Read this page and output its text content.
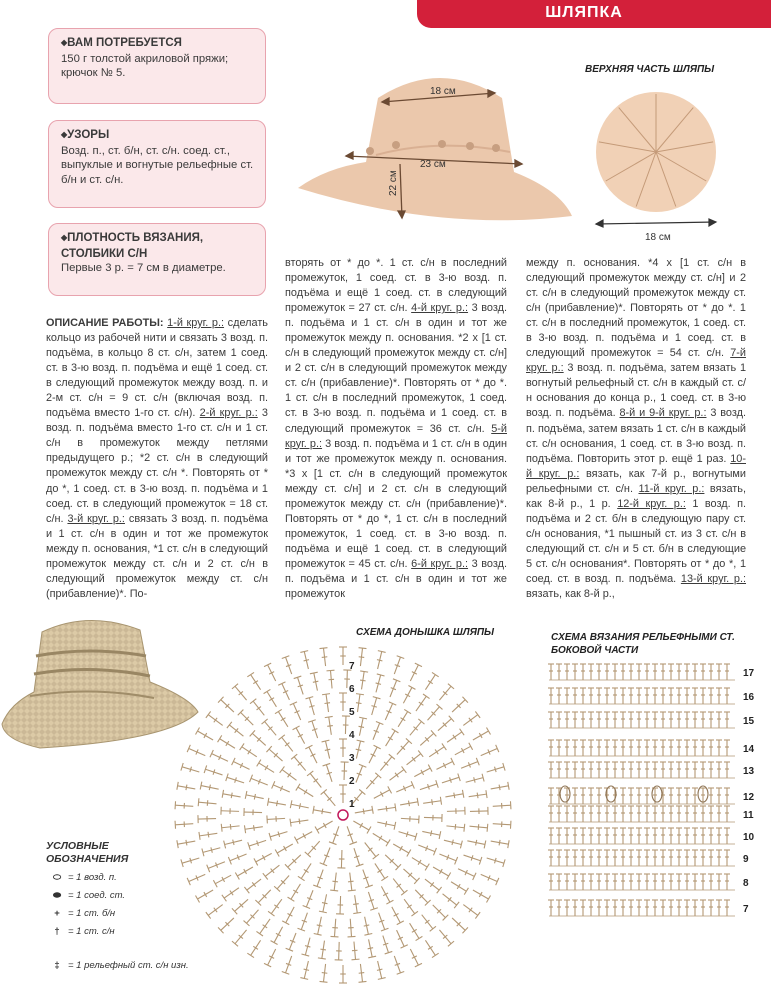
ШЛЯПКА
◆ ВАМ ПОТРЕБУЕТСЯ
150 г толстой акриловой пряжи; крючок № 5.
◆ УЗОРЫ
Возд. п., ст. б/н, ст. с/н. соед. ст., выпуклые и вогнутые рельефные ст. б/н и ст. с/н.
◆ ПЛОТНОСТЬ ВЯЗАНИЯ, СТОЛБИКИ С/Н
Первые 3 р. = 7 см в диаметре.
18 см
23 см
22 см
ВЕРХНЯЯ ЧАСТЬ ШЛЯПЫ
18 см
ОПИСАНИЕ РАБОТЫ: 1-й круг. р.: сделать кольцо из рабочей нити и связать 3 возд. п. подъёма, в кольцо 8 ст. с/н, затем 1 соед. ст. в 3-ю возд. п. подъёма и ещё 1 соед. ст. в следующий промежуток между возд. п. и 2-м ст. с/н = 9 ст. с/н (включая возд. п. подъёма вместо 1-го ст. с/н). 2-й круг. р.: 3 возд. п. подъёма вместо 1-го ст. с/н и 1 ст. с/н в промежуток между петлями предыдущего р.; *2 ст. с/н в следующий промежуток между ст. с/н *. Повторять от * до *, 1 соед. ст. в 3-ю возд. п. подъёма и 1 соед. ст. в следующий промежуток = 18 ст. с/н. 3-й круг. р.: связать 3 возд. п. подъёма и 1 ст. с/н в один и тот же промежуток между п. основания, *1 ст. с/н в следующий промежуток между ст. с/н и 2 ст. с/н в следующий промежуток между ст. с/н (прибавление)*. По-
вторять от * до *. 1 ст. с/н в последний промежуток, 1 соед. ст. в 3-ю возд. п. подъёма и ещё 1 соед. ст. в следующий промежуток = 27 ст. с/н. 4-й круг. р.: 3 возд. п. подъёма и 1 ст. с/н в один и тот же промежуток между п. основания. *2 х [1 ст. с/н в следующий промежуток между ст. с/н] и 2 ст. с/н в следующий промежуток между ст. с/н (прибавление)*. Повторять от * до *. 1 ст. с/н в последний промежуток, 1 соед. ст. в 3-ю возд. п. подъёма и 1 соед. ст. в следующий промежуток = 36 ст. с/н. 5-й круг. р.: 3 возд. п. подъёма и 1 ст. с/н в один и тот же промежуток между п. основания. *3 х [1 ст. с/н в следующий промежуток между ст. с/н] и 2 ст. с/н в следующий промежуток между ст. с/н (прибавление)*. Повторять от * до *, 1 ст. с/н в последний промежуток, 1 соед. ст. в 3-ю возд. п. подъёма и ещё 1 соед. ст. в следующий промежуток = 45 ст. с/н. 6-й круг. р.: 3 возд. п. подъёма и 1 ст. с/н в один и тот же промежуток
между п. основания. *4 х [1 ст. с/н в следующий промежуток между ст. с/н] и 2 ст. с/н в следующий промежуток между ст. с/н (прибавление)*. Повторять от * до *. 1 ст. с/н в последний промежуток, 1 соед. ст. в 3-ю возд. п. подъёма и 1 соед. ст. в следующий промежуток = 54 ст. с/н. 7-й круг. р.: 3 возд. п. подъёма, затем вязать 1 вогнутый рельефный ст. с/н в каждый ст. с/н основания до конца р., 1 соед. ст. в 3-ю возд. п. подъёма. 8-й и 9-й круг. р.: 3 возд. п. подъёма, затем вязать 1 ст. с/н в каждый ст. с/н основания, 1 соед. ст. в 3-ю возд. п. подъёма. Повторить этот р. ещё 1 раз. 10-й круг. р.: вязать, как 7-й р., вогнутыми рельефными ст. с/н. 11-й круг. р.: вязать, как 8-й р., 1 р. 12-й круг. р.: 1 возд. п. подъёма и 2 ст. б/н в следующую пару ст. с/н основания, *1 пышный ст. из 3 ст. с/н в следующий ст. с/н и 5 ст. б/н в следующие 5 ст. с/н основания*. Повторять от * до *, 1 соед. ст. в возд. п. подъёма. 13-й круг. р.: вязать, как 8-й р.,
СХЕМА ДОНЫШКА ШЛЯПЫ
1
2
3
4
5
6
7
СХЕМА ВЯЗАНИЯ РЕЛЬЕФНЫМИ СТ. БОКОВОЙ ЧАСТИ
17
16
15
14
13
12
11
10
9
8
7
УСЛОВНЫЕ ОБОЗНАЧЕНИЯ
⬭ = 1 возд. п.
⬬ = 1 соед. ст.
+ = 1 ст. б/н
† = 1 ст. с/н
‡ = 1 рельефный ст. с/н изн.
